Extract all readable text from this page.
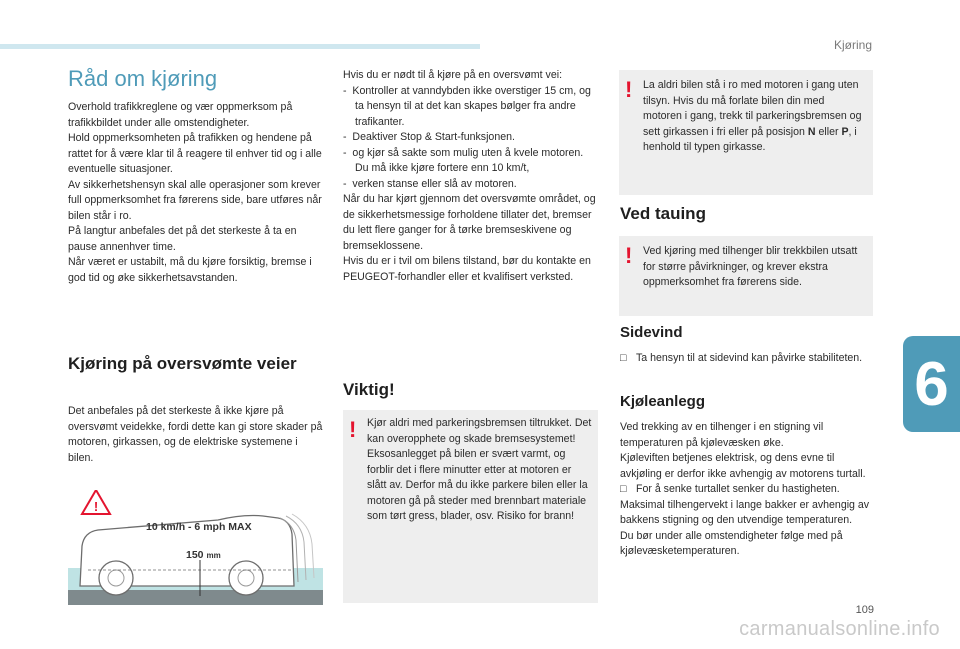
Kjøring
6
109
carmanualsonline.info
Råd om kjøring

Overhold trafikkreglene og vær oppmerksom på trafikkbildet under alle omstendigheter.

Hold oppmerksomheten på trafikken og hendene på rattet for å være klar til å reagere til enhver tid og i alle eventuelle situasjoner.

Av sikkerhetshensyn skal alle operasjoner som krever full oppmerksomhet fra førerens side, bare utføres når bilen står i ro.

På langtur anbefales det på det sterkeste å ta en pause annenhver time.

Når været er ustabilt, må du kjøre forsiktig, bremse i god tid og øke sikkerhetsavstanden.

Kjøring på oversvømte veier
Det anbefales på det sterkeste å ikke kjøre på oversvømt veidekke, fordi dette kan gi store skader på motoren, girkassen, og de elektriske systemene i bilen.
!
10 km/h - 6 mph MAX
150 mm

Hvis du er nødt til å kjøre på en oversvømt vei:

-  Kontroller at vanndybden ikke overstiger 15 cm, og ta hensyn til at det kan skapes bølger fra andre trafikanter.

-  Deaktiver Stop & Start-funksjonen.

-  og kjør så sakte som mulig uten å kvele motoren. Du må ikke kjøre fortere enn 10 km/t,

-  verken stanse eller slå av motoren.

Når du har kjørt gjennom det oversvømte området, og de sikkerhetsmessige forholdene tillater det, bremser du lett flere ganger for å tørke bremseskivene og bremseklossene.

Hvis du er i tvil om bilens tilstand, bør du kontakte en PEUGEOT-forhandler eller et kvalifisert verksted.

Viktig!
! Kjør aldri med parkeringsbremsen tiltrukket. Det kan overopphete og skade bremsesystemet!

Eksosanlegget på bilen er svært varmt, og forblir det i flere minutter etter at motoren er slått av. Derfor må du ikke parkere bilen eller la motoren gå på steder med brennbart materiale som tørt gress, blader, osv. Risiko for brann!

! La aldri bilen stå i ro med motoren i gang uten tilsyn. Hvis du må forlate bilen din med motoren i gang, trekk til parkeringsbremsen og sett girkassen i fri eller på posisjon N eller P, i henhold til typen girkasse.
Ved tauing
! Ved kjøring med tilhenger blir trekkbilen utsatt for større påvirkninger, og krever ekstra oppmerksomhet fra førerens side.
Sidevind
□ Ta hensyn til at sidevind kan påvirke stabiliteten.
Kjøleanlegg

Ved trekking av en tilhenger i en stigning vil temperaturen på kjølevæsken øke.

Kjøleviften betjenes elektrisk, og dens evne til avkjøling er derfor ikke avhengig av motorens turtall.

□ For å senke turtallet senker du hastigheten.

Maksimal tilhengervekt i lange bakker er avhengig av bakkens stigning og den utvendige temperaturen.

Du bør under alle omstendigheter følge med på kjølevæsketemperaturen.
